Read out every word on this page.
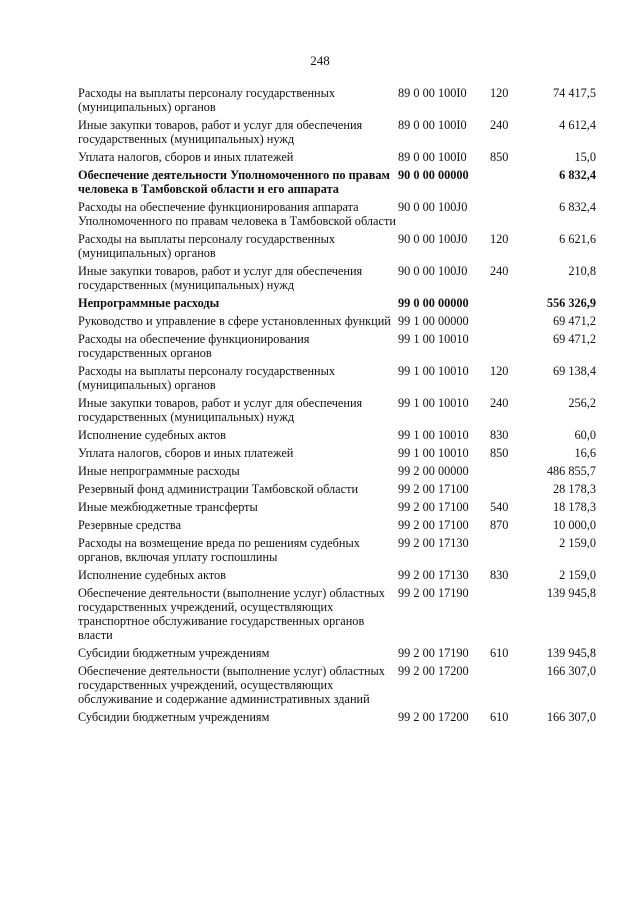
248
Расходы на выплаты персоналу государственных (муниципальных) органов	89 0 00 100I0	120	74 417,5
Иные закупки товаров, работ и услуг для обеспечения государственных (муниципальных) нужд	89 0 00 100I0	240	4 612,4
Уплата налогов, сборов и иных платежей	89 0 00 100I0	850	15,0
Обеспечение деятельности Уполномоченного по правам человека в Тамбовской области и его аппарата	90 0 00 00000		6 832,4
Расходы на обеспечение функционирования аппарата Уполномоченного по правам человека в Тамбовской области	90 0 00 100J0		6 832,4
Расходы на выплаты персоналу государственных (муниципальных) органов	90 0 00 100J0	120	6 621,6
Иные закупки товаров, работ и услуг для обеспечения государственных (муниципальных) нужд	90 0 00 100J0	240	210,8
Непрограммные расходы	99 0 00 00000		556 326,9
Руководство и управление в сфере установленных функций	99 1 00 00000		69 471,2
Расходы на обеспечение функционирования государственных органов	99 1 00 10010		69 471,2
Расходы на выплаты персоналу государственных (муниципальных) органов	99 1 00 10010	120	69 138,4
Иные закупки товаров, работ и услуг для обеспечения государственных (муниципальных) нужд	99 1 00 10010	240	256,2
Исполнение судебных актов	99 1 00 10010	830	60,0
Уплата налогов, сборов и иных платежей	99 1 00 10010	850	16,6
Иные непрограммные расходы	99 2 00 00000		486 855,7
Резервный фонд администрации Тамбовской области	99 2 00 17100		28 178,3
Иные межбюджетные трансферты	99 2 00 17100	540	18 178,3
Резервные средства	99 2 00 17100	870	10 000,0
Расходы на возмещение вреда по решениям судебных органов, включая уплату госпошлины	99 2 00 17130		2 159,0
Исполнение судебных актов	99 2 00 17130	830	2 159,0
Обеспечение деятельности (выполнение услуг) областных государственных учреждений, осуществляющих транспортное обслуживание государственных органов власти	99 2 00 17190		139 945,8
Субсидии бюджетным учреждениям	99 2 00 17190	610	139 945,8
Обеспечение деятельности (выполнение услуг) областных государственных учреждений, осуществляющих обслуживание и содержание административных зданий	99 2 00 17200		166 307,0
Субсидии бюджетным учреждениям	99 2 00 17200	610	166 307,0
